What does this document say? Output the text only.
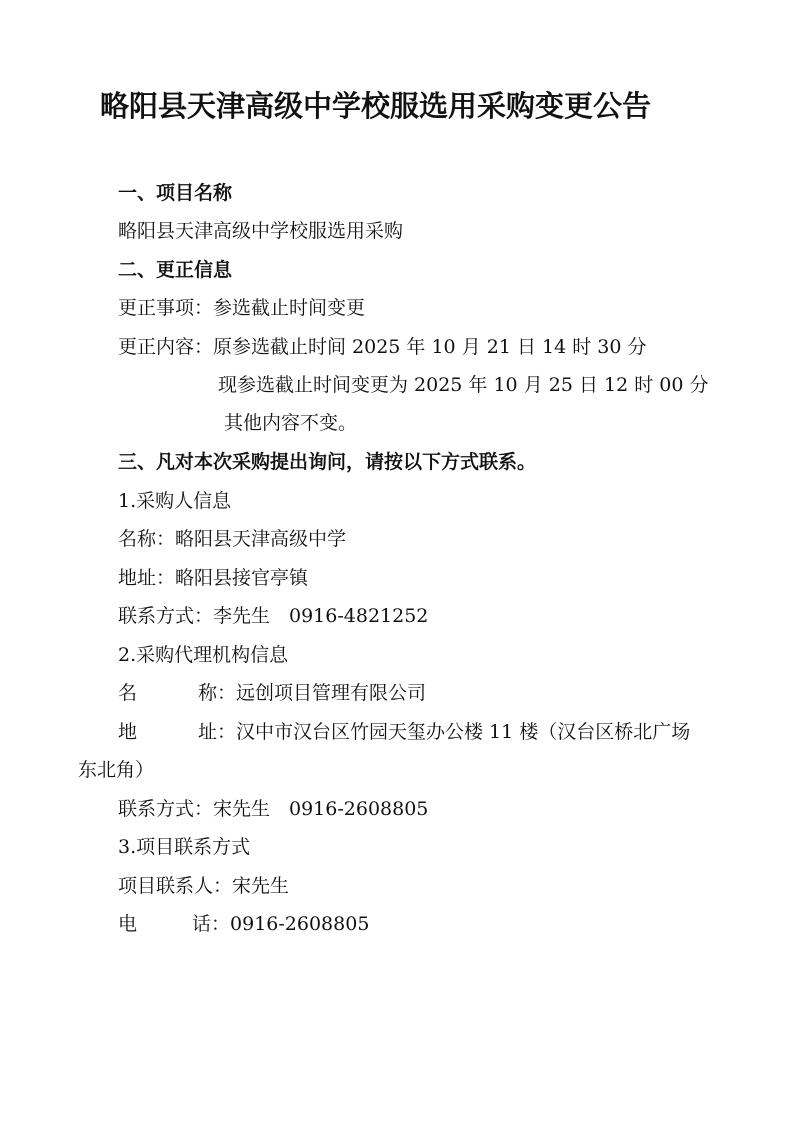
略阳县天津高级中学校服选用采购变更公告
一、项目名称
略阳县天津高级中学校服选用采购
二、更正信息
更正事项：参选截止时间变更
更正内容：原参选截止时间 2025 年 10 月 21 日 14 时 30 分
现参选截止时间变更为 2025 年 10 月 25 日 12 时 00 分
其他内容不变。
三、凡对本次采购提出询问，请按以下方式联系。
1.采购人信息
名称：略阳县天津高级中学
地址：略阳县接官亭镇
联系方式：李先生　0916-4821252
2.采购代理机构信息
名	称：远创项目管理有限公司
地	址：汉中市汉台区竹园天玺办公楼 11 楼（汉台区桥北广场
东北角）
联系方式：宋先生　0916-2608805
3.项目联系方式
项目联系人：宋先生
电	话：0916-2608805
